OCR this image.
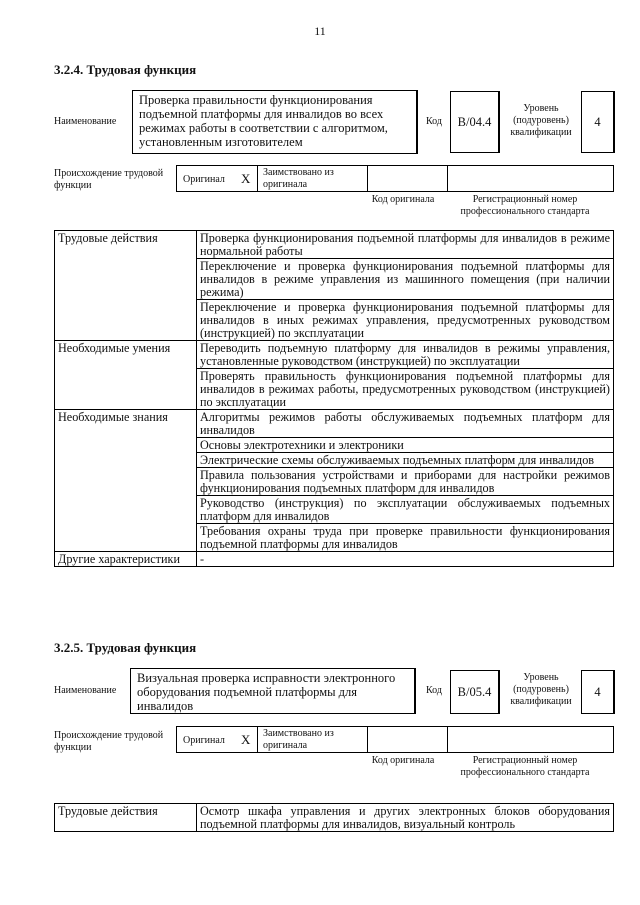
11
3.2.4. Трудовая функция
Наименование
Проверка правильности функционирования подъемной платформы для инвалидов во всех режимах работы в соответствии с алгоритмом, установленным изготовителем
Код	В/04.4
Уровень (подуровень) квалификации
4
Происхождение трудовой функции
Оригинал X Заимствовано из оригинала
Код оригинала	Регистрационный номер профессионального стандарта
Трудовые действия	Проверка функционирования подъемной платформы для инвалидов в режиме нормальной работы
	Переключение и проверка функционирования подъемной платформы для инвалидов в режиме управления из машинного помещения (при наличии режима)
	Переключение и проверка функционирования подъемной платформы для инвалидов в иных режимах управления, предусмотренных руководством (инструкцией) по эксплуатации
Необходимые умения	Переводить подъемную платформу для инвалидов в режимы управления, установленные руководством (инструкцией) по эксплуатации
	Проверять правильность функционирования подъемной платформы для инвалидов в режимах работы, предусмотренных руководством (инструкцией) по эксплуатации
Необходимые знания	Алгоритмы режимов работы обслуживаемых подъемных платформ для инвалидов
	Основы электротехники и электроники
	Электрические схемы обслуживаемых подъемных платформ для инвалидов
	Правила пользования устройствами и приборами для настройки режимов функционирования подъемных платформ для инвалидов
	Руководство (инструкция) по эксплуатации обслуживаемых подъемных платформ для инвалидов
	Требования охраны труда при проверке правильности функционирования подъемной платформы для инвалидов
Другие характеристики	-
3.2.5. Трудовая функция
Наименование
Визуальная проверка исправности электронного оборудования подъемной платформы для инвалидов
Код	В/05.4
Уровень (подуровень) квалификации
4
Происхождение трудовой функции
Оригинал X Заимствовано из оригинала
Код оригинала	Регистрационный номер профессионального стандарта
Трудовые действия	Осмотр шкафа управления и других электронных блоков оборудования подъемной платформы для инвалидов, визуальный контроль
